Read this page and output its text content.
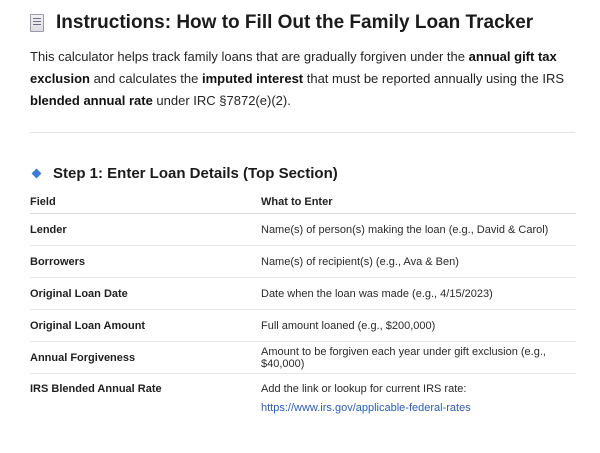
Instructions: How to Fill Out the Family Loan Tracker

This calculator helps track family loans that are gradually forgiven under the annual gift tax exclusion and calculates the imputed interest that must be reported annually using the IRS blended annual rate under IRC §7872(e)(2).

Step 1: Enter Loan Details (Top Section)
Field	What to Enter
Lender	Name(s) of person(s) making the loan (e.g., David & Carol)
Borrowers	Name(s) of recipient(s) (e.g., Ava & Ben)
Original Loan Date	Date when the loan was made (e.g., 4/15/2023)
Original Loan Amount	Full amount loaned (e.g., $200,000)
Annual Forgiveness	Amount to be forgiven each year under gift exclusion (e.g., $40,000)
IRS Blended Annual Rate	Add the link or lookup for current IRS rate:
https://www.irs.gov/applicable-federal-rates
